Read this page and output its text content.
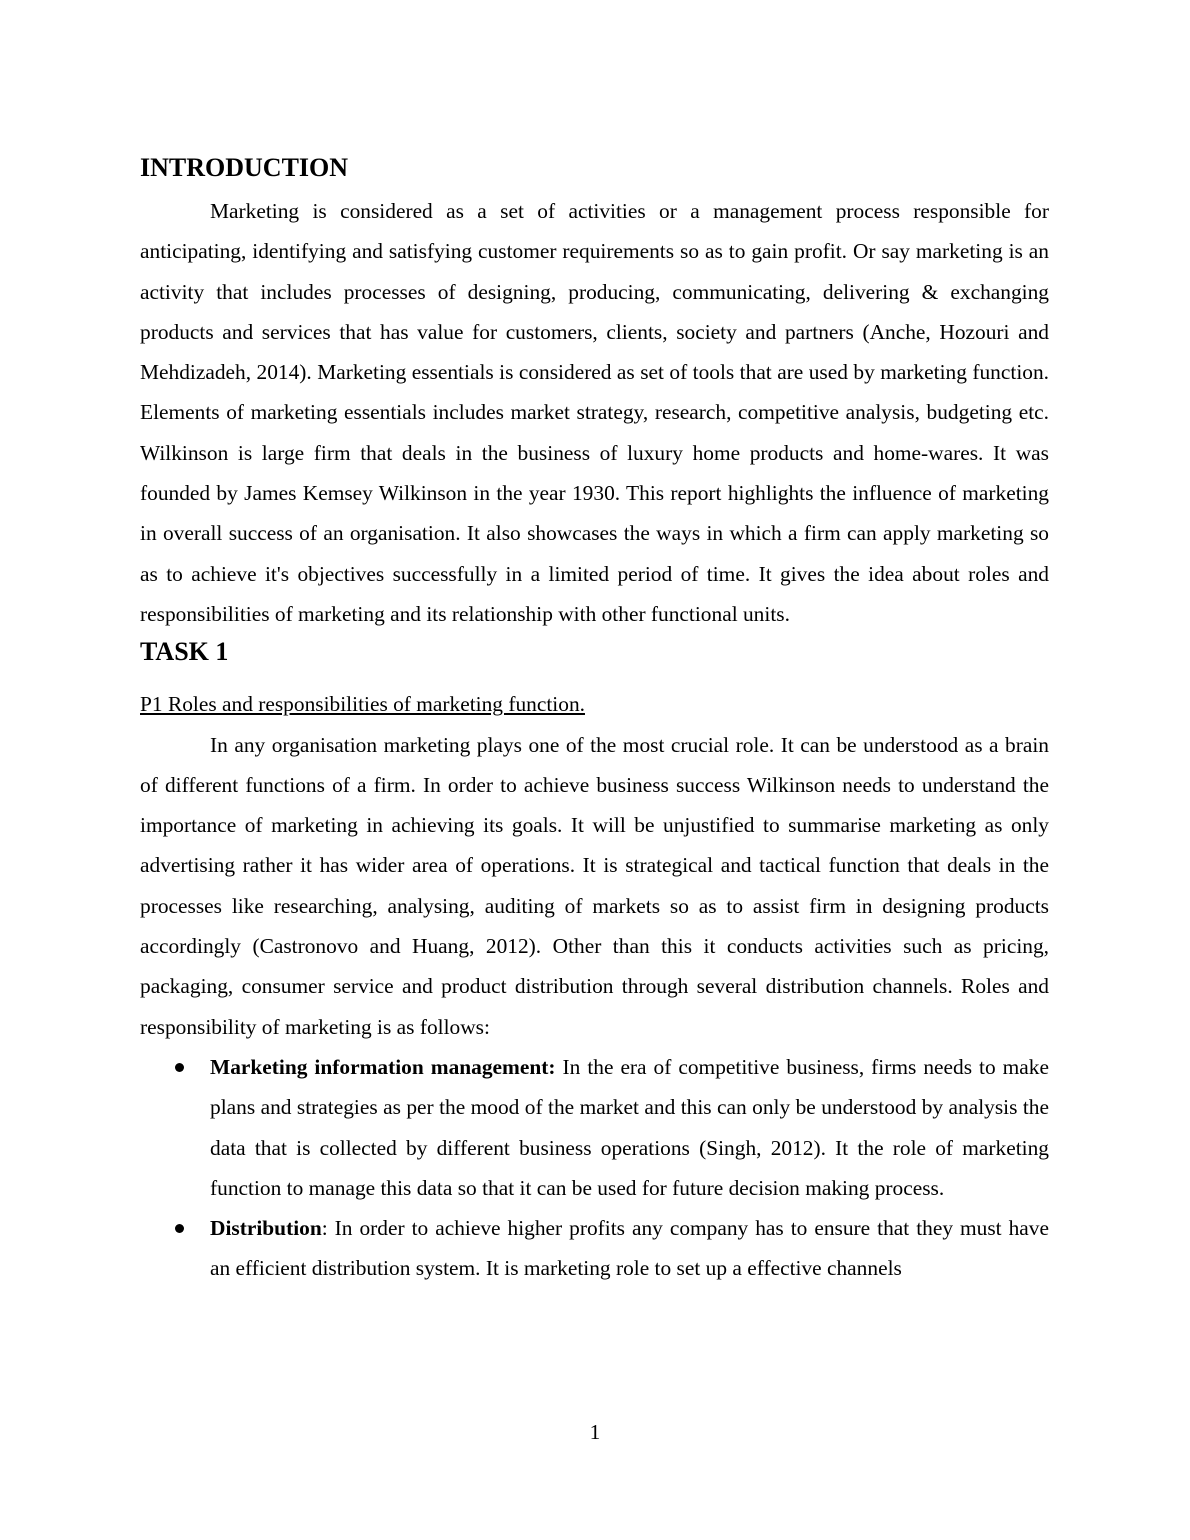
INTRODUCTION

Marketing is considered as a set of activities or a management process responsible for anticipating, identifying and satisfying customer requirements so as to gain profit. Or say marketing is an activity that includes processes of designing, producing, communicating, delivering & exchanging products and services that has value for customers, clients, society and partners (Anche, Hozouri and Mehdizadeh, 2014). Marketing essentials is considered as set of tools that are used by marketing function. Elements of marketing essentials includes market strategy, research, competitive analysis, budgeting etc. Wilkinson is large firm that deals in the business of luxury home products and home-wares. It was founded by James Kemsey Wilkinson in the year 1930. This report highlights the influence of marketing in overall success of an organisation. It also showcases the ways in which a firm can apply marketing so as to achieve it's objectives successfully in a limited period of time. It gives the idea about roles and responsibilities of marketing and its relationship with other functional units.

TASK 1

P1 Roles and responsibilities of marketing function.

In any organisation marketing plays one of the most crucial role. It can be understood as a brain of different functions of a firm. In order to achieve business success Wilkinson needs to understand the importance of marketing in achieving its goals. It will be unjustified to summarise marketing as only advertising rather it has wider area of operations. It is strategical and tactical function that deals in the processes like researching, analysing, auditing of markets so as to assist firm in designing products accordingly (Castronovo and Huang, 2012). Other than this it conducts activities such as pricing, packaging, consumer service and product distribution through several distribution channels. Roles and responsibility of marketing is as follows:

Marketing information management: In the era of competitive business, firms needs to make plans and strategies as per the mood of the market and this can only be understood by analysis the data that is collected by different business operations (Singh, 2012). It the role of marketing function to manage this data so that it can be used for future decision making process.
Distribution: In order to achieve higher profits any company has to ensure that they must have an efficient distribution system. It is marketing role to set up a effective channels
1
